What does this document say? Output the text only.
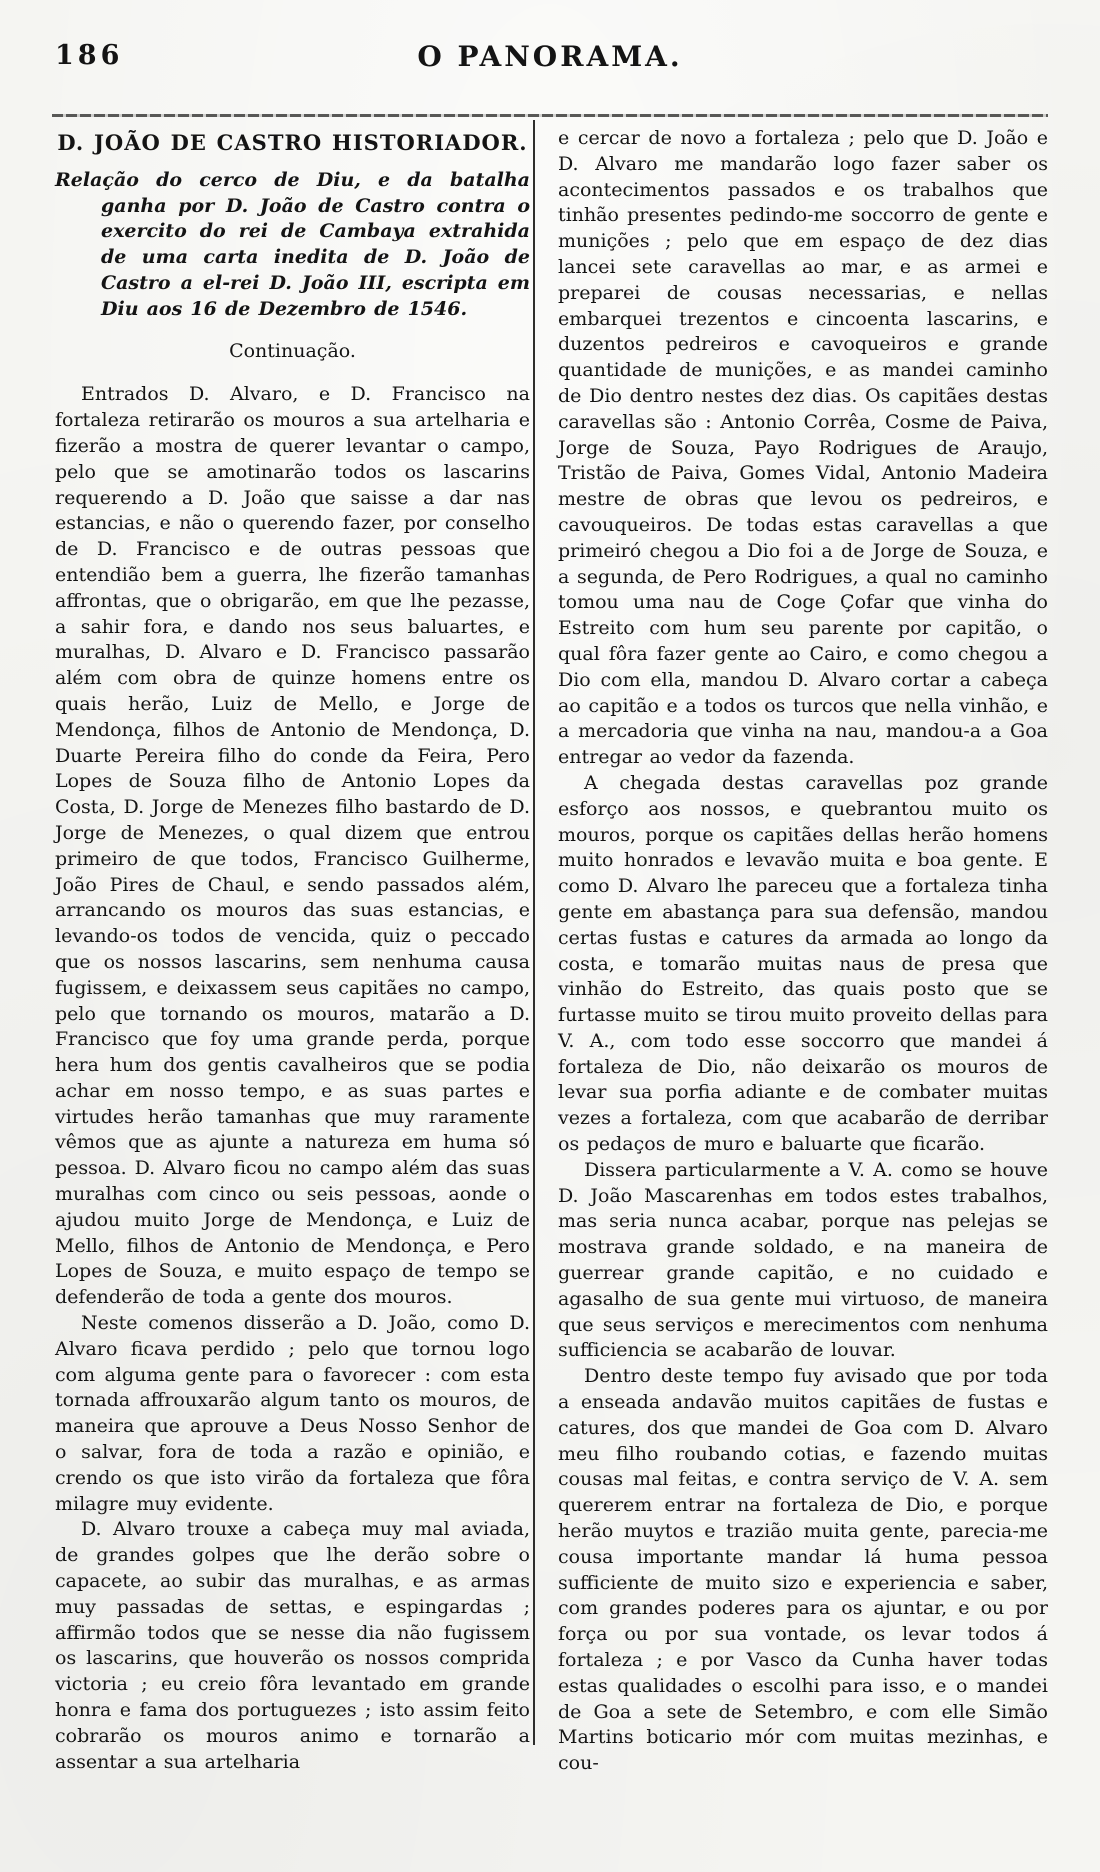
186	O PANORAMA.
D. JOÃO DE CASTRO HISTORIADOR.
Relação do cerco de Diu, e da batalha ganha por D. João de Castro contra o exercito do rei de Cambaya extrahida de uma carta inedita de D. João de Castro a el-rei D. João III, escripta em Diu aos 16 de Dezembro de 1546.
Continuação.

Entrados D. Alvaro, e D. Francisco na fortaleza retirarão os mouros a sua artelharia e fizerão a mostra de querer levantar o campo, pelo que se amotinarão todos os lascarins requerendo a D. João que saisse a dar nas estancias, e não o querendo fazer, por conselho de D. Francisco e de outras pessoas que entendião bem a guerra, lhe fizerão tamanhas affrontas, que o obrigarão, em que lhe pezasse, a sahir fora, e dando nos seus baluartes, e muralhas, D. Alvaro e D. Francisco passarão além com obra de quinze homens entre os quais herão, Luiz de Mello, e Jorge de Mendonça, filhos de Antonio de Mendonça, D. Duarte Pereira filho do conde da Feira, Pero Lopes de Souza filho de Antonio Lopes da Costa, D. Jorge de Menezes filho bastardo de D. Jorge de Menezes, o qual dizem que entrou primeiro de que todos, Francisco Guilherme, João Pires de Chaul, e sendo passados além, arrancando os mouros das suas estancias, e levando-os todos de vencida, quiz o peccado que os nossos lascarins, sem nenhuma causa fugissem, e deixassem seus capitães no campo, pelo que tornando os mouros, matarão a D. Francisco que foy uma grande perda, porque hera hum dos gentis cavalheiros que se podia achar em nosso tempo, e as suas partes e virtudes herão tamanhas que muy raramente vêmos que as ajunte a natureza em huma só pessoa. D. Alvaro ficou no campo além das suas muralhas com cinco ou seis pessoas, aonde o ajudou muito Jorge de Mendonça, e Luiz de Mello, filhos de Antonio de Mendonça, e Pero Lopes de Souza, e muito espaço de tempo se defenderão de toda a gente dos mouros.

Neste comenos disserão a D. João, como D. Alvaro ficava perdido ; pelo que tornou logo com alguma gente para o favorecer : com esta tornada affrouxarão algum tanto os mouros, de maneira que aprouve a Deus Nosso Senhor de o salvar, fora de toda a razão e opinião, e crendo os que isto virão da fortaleza que fôra milagre muy evidente.

D. Alvaro trouxe a cabeça muy mal aviada, de grandes golpes que lhe derão sobre o capacete, ao subir das muralhas, e as armas muy passadas de settas, e espingardas ; affirmão todos que se nesse dia não fugissem os lascarins, que houverão os nossos comprida victoria ; eu creio fôra levantado em grande honra e fama dos portuguezes ; isto assim feito cobrarão os mouros animo e tornarão a assentar a sua artelharia

e cercar de novo a fortaleza ; pelo que D. João e D. Alvaro me mandarão logo fazer saber os acontecimentos passados e os trabalhos que tinhão presentes pedindo-me soccorro de gente e munições ; pelo que em espaço de dez dias lancei sete caravellas ao mar, e as armei e preparei de cousas necessarias, e nellas embarquei trezentos e cincoenta lascarins, e duzentos pedreiros e cavoqueiros e grande quantidade de munições, e as mandei caminho de Dio dentro nestes dez dias. Os capitães destas caravellas são : Antonio Corrêa, Cosme de Paiva, Jorge de Souza, Payo Rodrigues de Araujo, Tristão de Paiva, Gomes Vidal, Antonio Madeira mestre de obras que levou os pedreiros, e cavouqueiros. De todas estas caravellas a que primeiró chegou a Dio foi a de Jorge de Souza, e a segunda, de Pero Rodrigues, a qual no caminho tomou uma nau de Coge Çofar que vinha do Estreito com hum seu parente por capitão, o qual fôra fazer gente ao Cairo, e como chegou a Dio com ella, mandou D. Alvaro cortar a cabeça ao capitão e a todos os turcos que nella vinhão, e a mercadoria que vinha na nau, mandou-a a Goa entregar ao vedor da fazenda.

A chegada destas caravellas poz grande esforço aos nossos, e quebrantou muito os mouros, porque os capitães dellas herão homens muito honrados e levavão muita e boa gente. E como D. Alvaro lhe pareceu que a fortaleza tinha gente em abastança para sua defensão, mandou certas fustas e catures da armada ao longo da costa, e tomarão muitas naus de presa que vinhão do Estreito, das quais posto que se furtasse muito se tirou muito proveito dellas para V. A., com todo esse soccorro que mandei á fortaleza de Dio, não deixarão os mouros de levar sua porfia adiante e de combater muitas vezes a fortaleza, com que acabarão de derribar os pedaços de muro e baluarte que ficarão.

Dissera particularmente a V. A. como se houve D. João Mascarenhas em todos estes trabalhos, mas seria nunca acabar, porque nas pelejas se mostrava grande soldado, e na maneira de guerrear grande capitão, e no cuidado e agasalho de sua gente mui virtuoso, de maneira que seus serviços e merecimentos com nenhuma sufficiencia se acabarão de louvar.

Dentro deste tempo fuy avisado que por toda a enseada andavão muitos capitães de fustas e catures, dos que mandei de Goa com D. Alvaro meu filho roubando cotias, e fazendo muitas cousas mal feitas, e contra serviço de V. A. sem quererem entrar na fortaleza de Dio, e porque herão muytos e trazião muita gente, parecia-me cousa importante mandar lá huma pessoa sufficiente de muito sizo e experiencia e saber, com grandes poderes para os ajuntar, e ou por força ou por sua vontade, os levar todos á fortaleza ; e por Vasco da Cunha haver todas estas qualidades o escolhi para isso, e o mandei de Goa a sete de Setembro, e com elle Simão Martins boticario mór com muitas mezinhas, e cou-
